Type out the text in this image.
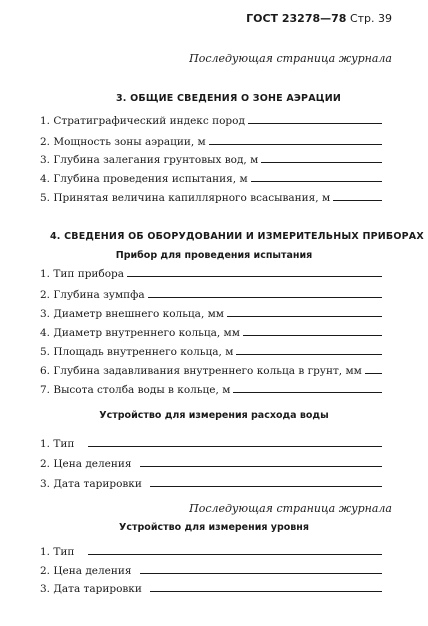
ГОСТ 23278—78 Стр. 39
Последующая страница журнала
3. ОБЩИЕ СВЕДЕНИЯ О ЗОНЕ АЭРАЦИИ
1. Стратиграфический индекс пород
2. Мощность зоны аэрации, м
3. Глубина залегания грунтовых вод, м
4. Глубина проведения испытания, м
5. Принятая величина капиллярного всасывания, м
4. СВЕДЕНИЯ ОБ ОБОРУДОВАНИИ И ИЗМЕРИТЕЛЬНЫХ ПРИБОРАХ
Прибор для проведения испытания
1. Тип прибора
2. Глубина зумпфа
3. Диаметр внешнего кольца, мм
4. Диаметр внутреннего кольца, мм
5. Площадь внутреннего кольца, м
6. Глубина задавливания внутреннего кольца в грунт, мм
7. Высота столба воды в кольце, м
Устройство для измерения расхода воды
1. Тип
2. Цена деления
3. Дата тарировки
Последующая страница журнала
Устройство для измерения уровня
1. Тип
2. Цена деления
3. Дата тарировки
